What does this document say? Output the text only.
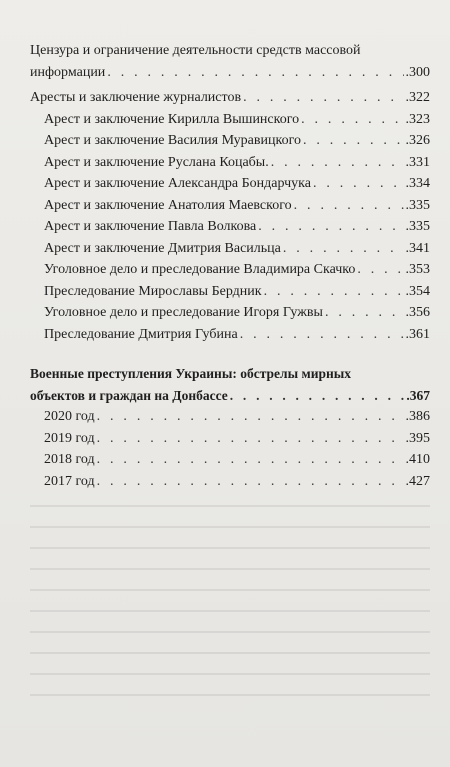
Цензура и ограничение деятельности средств массовой
информации . . .	.300
Аресты и заключение журналистов . . .	.322
Арест и заключение Кирилла Вышинского . . .	.323
Арест и заключение Василия Муравицкого . . .	.326
Арест и заключение Руслана Коцабы. . . .	.331
Арест и заключение Александра Бондарчука . . .	.334
Арест и заключение Анатолия Маевского . . .	.335
Арест и заключение Павла Волкова . . .	.335
Арест и заключение Дмитрия Васильца . . .	.341
Уголовное дело и преследование Владимира Скачко . . .	.353
Преследование Мирославы Бердник . . .	.354
Уголовное дело и преследование Игоря Гужвы . . .	.356
Преследование Дмитрия Губина . . .	.361
Военные преступления Украины: обстрелы мирных
объектов и граждан на Донбассе . . .	.367
2020 год . . .	.386
2019 год . . .	.395
2018 год . . .	.410
2017 год . . .	.427
